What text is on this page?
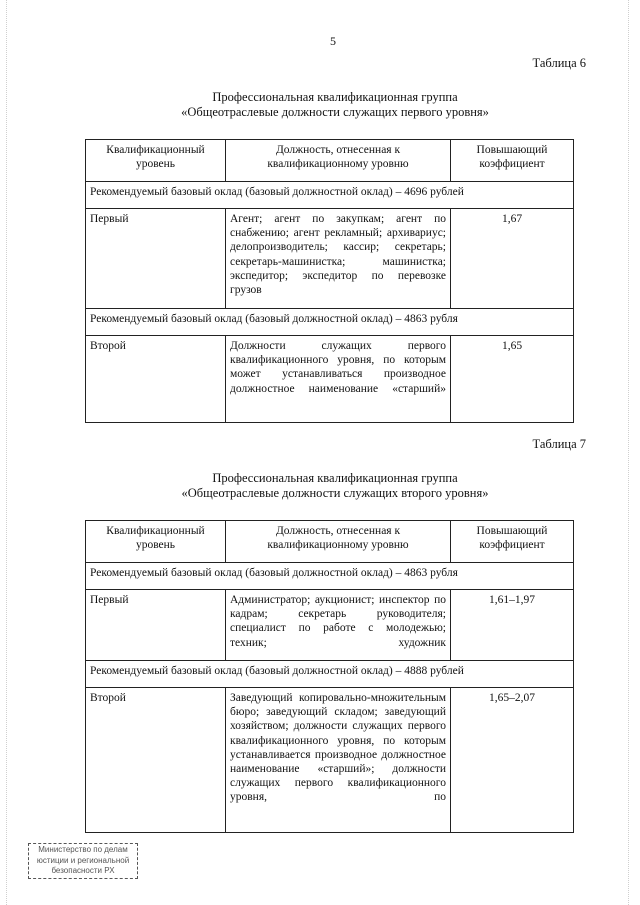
5
Таблица 6
Профессиональная квалификационная группа
«Общеотраслевые должности служащих первого уровня»
Квалификационный уровень	Должность, отнесенная к квалификационному уровню	Повышающий коэффициент
Рекомендуемый базовый оклад (базовый должностной оклад) – 4696 рублей		
Первый	Агент; агент по закупкам; агент по снабжению; агент рекламный; архивариус; делопроизводитель; кассир; секретарь; секретарь-машинистка; машинистка; экспедитор; экспедитор по перевозке грузов	1,67
Рекомендуемый базовый оклад (базовый должностной оклад) – 4863 рубля		
Второй	Должности служащих первого квалификационного уровня, по которым может устанавливаться производное должностное наименование «старший»	1,65
Таблица 7
Профессиональная квалификационная группа
«Общеотраслевые должности служащих второго уровня»
Квалификационный уровень	Должность, отнесенная к квалификационному уровню	Повышающий коэффициент
Рекомендуемый базовый оклад (базовый должностной оклад) – 4863 рубля		
Первый	Администратор; аукционист; инспектор по кадрам; секретарь руководителя; специалист по работе с молодежью; техник; художник	1,61–1,97
Рекомендуемый базовый оклад (базовый должностной оклад) – 4888 рублей		
Второй	Заведующий копировально-множительным бюро; заведующий складом; заведующий хозяйством; должности служащих первого квалификационного уровня, по которым устанавливается производное должностное наименование «старший»; должности служащих первого квалификационного уровня, по	1,65–2,07
Министерство по делам
юстиции и региональной
безопасности РХ
